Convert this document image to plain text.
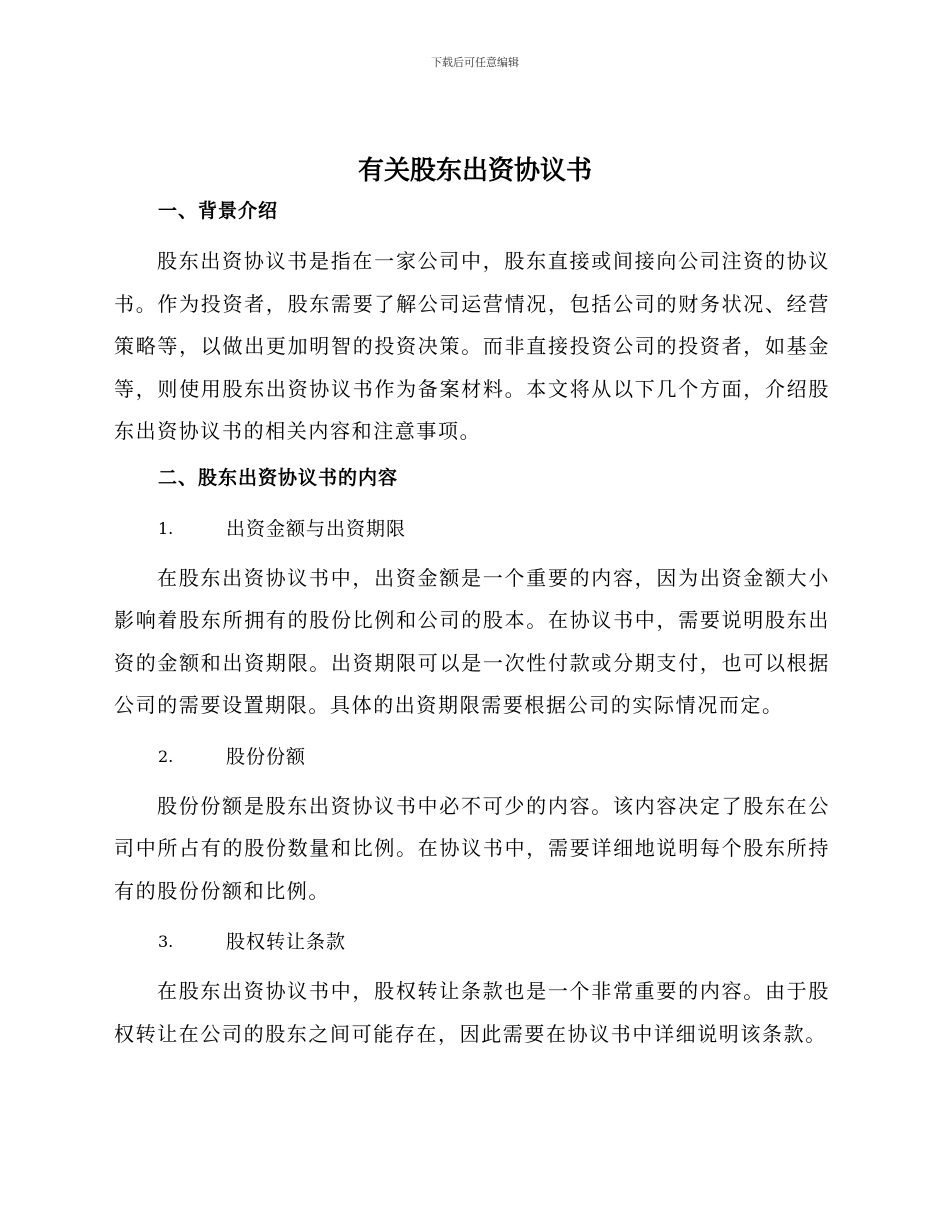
下载后可任意编辑
有关股东出资协议书
一、背景介绍

股东出资协议书是指在一家公司中，股东直接或间接向公司注资的协议书。作为投资者，股东需要了解公司运营情况，包括公司的财务状况、经营策略等，以做出更加明智的投资决策。而非直接投资公司的投资者，如基金等，则使用股东出资协议书作为备案材料。本文将从以下几个方面，介绍股东出资协议书的相关内容和注意事项。

二、股东出资协议书的内容
1.	出资金额与出资期限

在股东出资协议书中，出资金额是一个重要的内容，因为出资金额大小影响着股东所拥有的股份比例和公司的股本。在协议书中，需要说明股东出资的金额和出资期限。出资期限可以是一次性付款或分期支付，也可以根据公司的需要设置期限。具体的出资期限需要根据公司的实际情况而定。

2.	股份份额

股份份额是股东出资协议书中必不可少的内容。该内容决定了股东在公司中所占有的股份数量和比例。在协议书中，需要详细地说明每个股东所持有的股份份额和比例。

3.	股权转让条款

在股东出资协议书中，股权转让条款也是一个非常重要的内容。由于股权转让在公司的股东之间可能存在，因此需要在协议书中详细说明该条款。
